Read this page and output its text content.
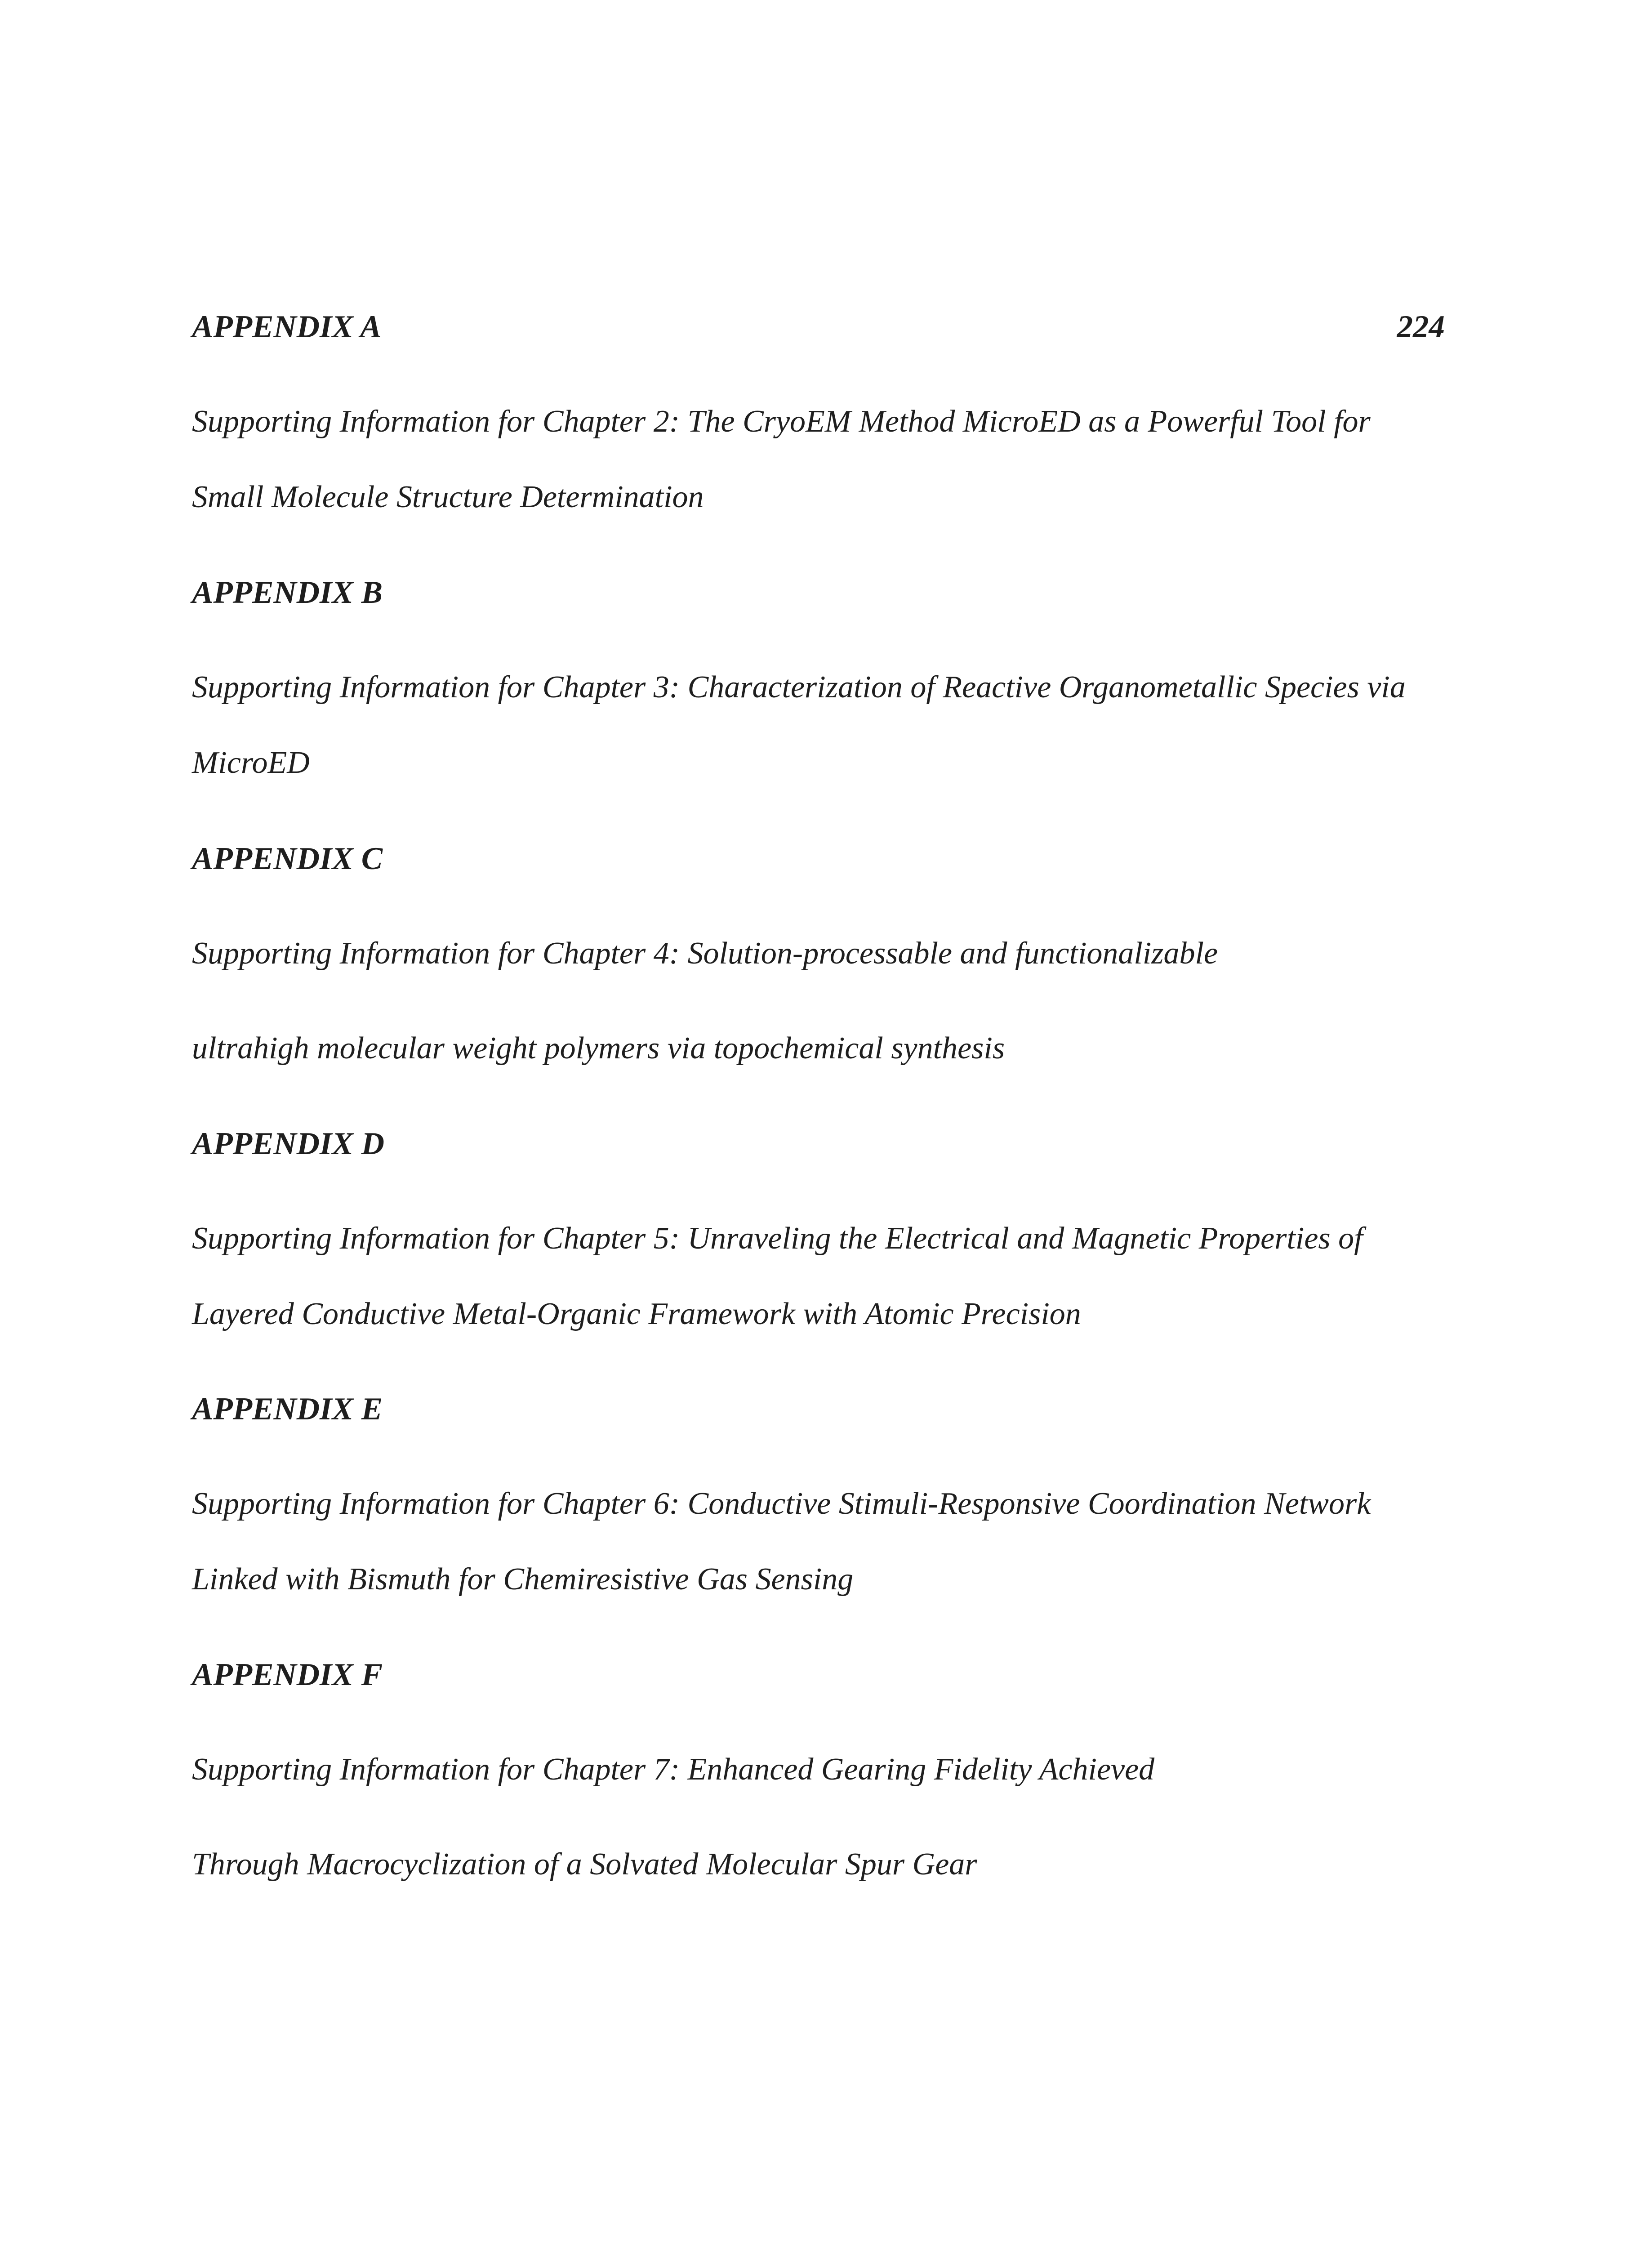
224

APPENDIX A

Supporting Information for Chapter 2: The CryoEM Method MicroED as a Powerful Tool for

Small Molecule Structure Determination

APPENDIX B

Supporting Information for Chapter 3: Characterization of Reactive Organometallic Species via

MicroED

APPENDIX C

Supporting Information for Chapter 4: Solution-processable and functionalizable

ultrahigh molecular weight polymers via topochemical synthesis

APPENDIX D

Supporting Information for Chapter 5: Unraveling the Electrical and Magnetic Properties of

Layered Conductive Metal-Organic Framework with Atomic Precision

APPENDIX E

Supporting Information for Chapter 6: Conductive Stimuli-Responsive Coordination Network

Linked with Bismuth for Chemiresistive Gas Sensing

APPENDIX F

Supporting Information for Chapter 7: Enhanced Gearing Fidelity Achieved

Through Macrocyclization of a Solvated Molecular Spur Gear
